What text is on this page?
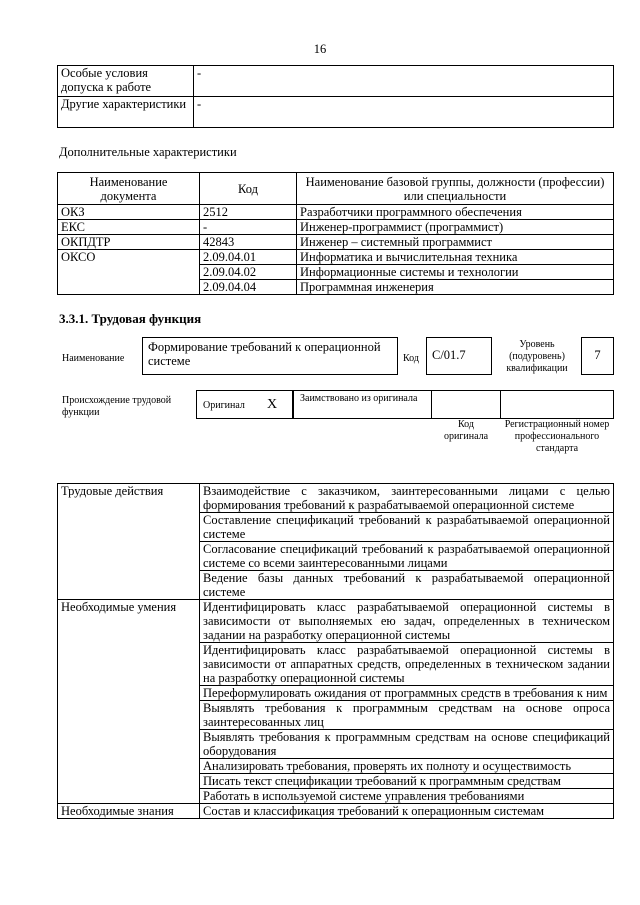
16
Особые условия допуска к работе	-
Другие характеристики	-
Дополнительные характеристики
Наименование документа	Код	Наименование базовой группы, должности (профессии) или специальности
ОКЗ	2512	Разработчики программного обеспечения
ЕКС	-	Инженер-программист (программист)
ОКПДТР	42843	Инженер – системный программист
ОКСО	2.09.04.01	Информатика и вычислительная техника
	2.09.04.02	Информационные системы и технологии
	2.09.04.04	Программная инженерия
3.3.1. Трудовая функция
Наименование
Формирование требований к операционной системе	Код	C/01.7
Уровень (подуровень) квалификации
7
Происхождение трудовой функции
Оригинал X Заимствовано из оригинала
Код оригинала
Регистрационный номер профессионального стандарта
Трудовые действия	Взаимодействие с заказчиком, заинтересованными лицами с целью формирования требований к разрабатываемой операционной системе
	Составление спецификаций требований к разрабатываемой операционной системе
	Согласование спецификаций требований к разрабатываемой операционной системе со всеми заинтересованными лицами
	Ведение базы данных требований к разрабатываемой операционной системе
Необходимые умения	Идентифицировать класс разрабатываемой операционной системы в зависимости от выполняемых ею задач, определенных в техническом задании на разработку операционной системы
	Идентифицировать класс разрабатываемой операционной системы в зависимости от аппаратных средств, определенных в техническом задании на разработку операционной системы
	Переформулировать ожидания от программных средств в требования к ним
	Выявлять требования к программным средствам на основе опроса заинтересованных лиц
	Выявлять требования к программным средствам на основе спецификаций оборудования
	Анализировать требования, проверять их полноту и осуществимость
	Писать текст спецификации требований к программным средствам
	Работать в используемой системе управления требованиями
Необходимые знания	Состав и классификация требований к операционным системам
